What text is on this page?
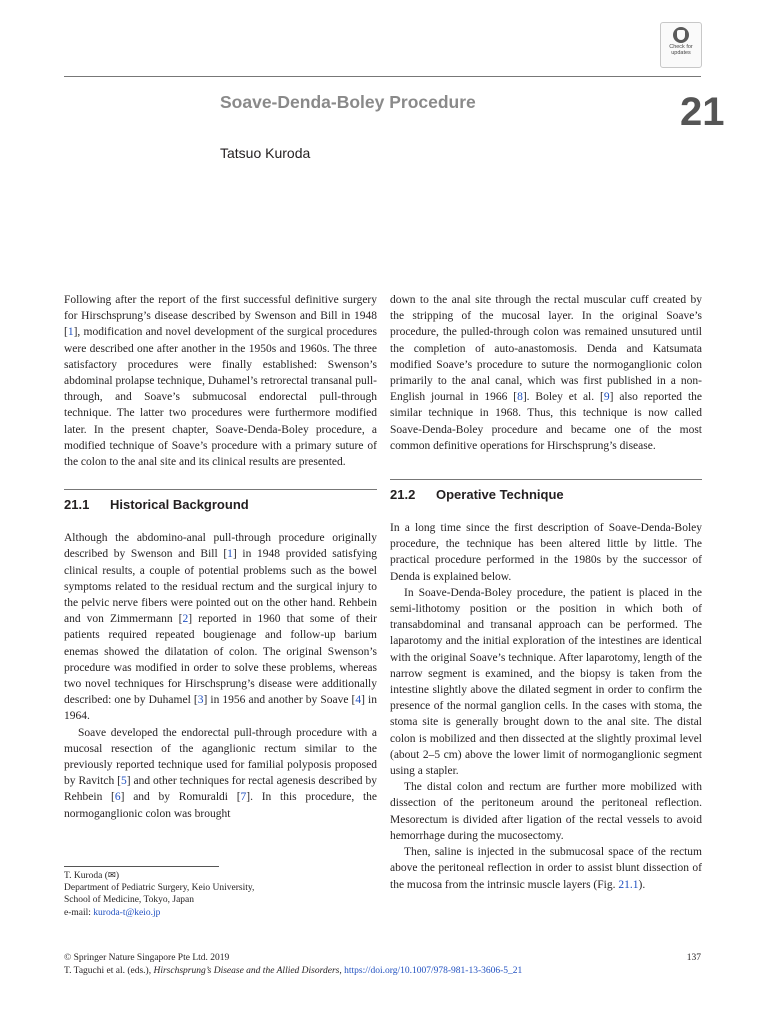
Check for
updates
Soave-Denda-Boley Procedure	21
Tatsuo Kuroda

Following after the report of the first successful definitive surgery for Hirschsprung’s disease described by Swenson and Bill in 1948 [1], modification and novel development of the surgical procedures were described one after another in the 1950s and 1960s. The three satisfactory procedures were finally established: Swenson’s abdominal prolapse technique, Duhamel’s retrorectal transanal pull-through, and Soave’s submucosal endorectal pull-through technique. The latter two procedures were furthermore modified later. In the present chapter, Soave-Denda-Boley procedure, a modified technique of Soave’s procedure with a primary suture of the colon to the anal site and its clinical results are presented.

21.1 Historical Background

Although the abdomino-anal pull-through procedure originally described by Swenson and Bill [1] in 1948 provided satisfying clinical results, a couple of potential problems such as the bowel symptoms related to the residual rectum and the surgical injury to the pelvic nerve fibers were pointed out on the other hand. Rehbein and von Zimmermann [2] reported in 1960 that some of their patients required repeated bougienage and follow-up barium enemas showed the dilatation of colon. The original Swenson’s procedure was modified in order to solve these problems, whereas two novel techniques for Hirschsprung’s disease were additionally described: one by Duhamel [3] in 1956 and another by Soave [4] in 1964.

Soave developed the endorectal pull-through procedure with a mucosal resection of the aganglionic rectum similar to the previously reported technique used for familial polyposis proposed by Ravitch [5] and other techniques for rectal agenesis described by Rehbein [6] and by Romuraldi [7]. In this procedure, the normoganglionic colon was brought

down to the anal site through the rectal muscular cuff created by the stripping of the mucosal layer. In the original Soave’s procedure, the pulled-through colon was remained unsutured until the completion of auto-anastomosis. Denda and Katsumata modified Soave’s procedure to suture the normoganglionic colon primarily to the anal canal, which was first published in a non-English journal in 1966 [8]. Boley et al. [9] also reported the similar technique in 1968. Thus, this technique is now called Soave-Denda-Boley procedure and became one of the most common definitive operations for Hirschsprung’s disease.

21.2 Operative Technique

In a long time since the first description of Soave-Denda-Boley procedure, the technique has been altered little by little. The practical procedure performed in the 1980s by the successor of Denda is explained below.

In Soave-Denda-Boley procedure, the patient is placed in the semi-lithotomy position or the position in which both of transabdominal and transanal approach can be performed. The laparotomy and the initial exploration of the intestines are identical with the original Soave’s technique. After laparotomy, length of the narrow segment is examined, and the biopsy is taken from the intestine slightly above the dilated segment in order to confirm the presence of the normal ganglion cells. In the cases with stoma, the stoma site is generally brought down to the anal site. The distal colon is mobilized and then dissected at the slightly proximal level (about 2–5 cm) above the lower limit of normoganglionic segment using a stapler.

The distal colon and rectum are further more mobilized with dissection of the peritoneum around the peritoneal reflection. Mesorectum is divided after ligation of the rectal vessels to avoid hemorrhage during the mucosectomy.

Then, saline is injected in the submucosal space of the rectum above the peritoneal reflection in order to assist blunt dissection of the mucosa from the intrinsic muscle layers (Fig. 21.1).

T. Kuroda (✉)
Department of Pediatric Surgery, Keio University,
School of Medicine, Tokyo, Japan
e-mail: kuroda-t@keio.jp
© Springer Nature Singapore Pte Ltd. 2019	137
T. Taguchi et al. (eds.), Hirschsprung’s Disease and the Allied Disorders, https://doi.org/10.1007/978-981-13-3606-5_21
